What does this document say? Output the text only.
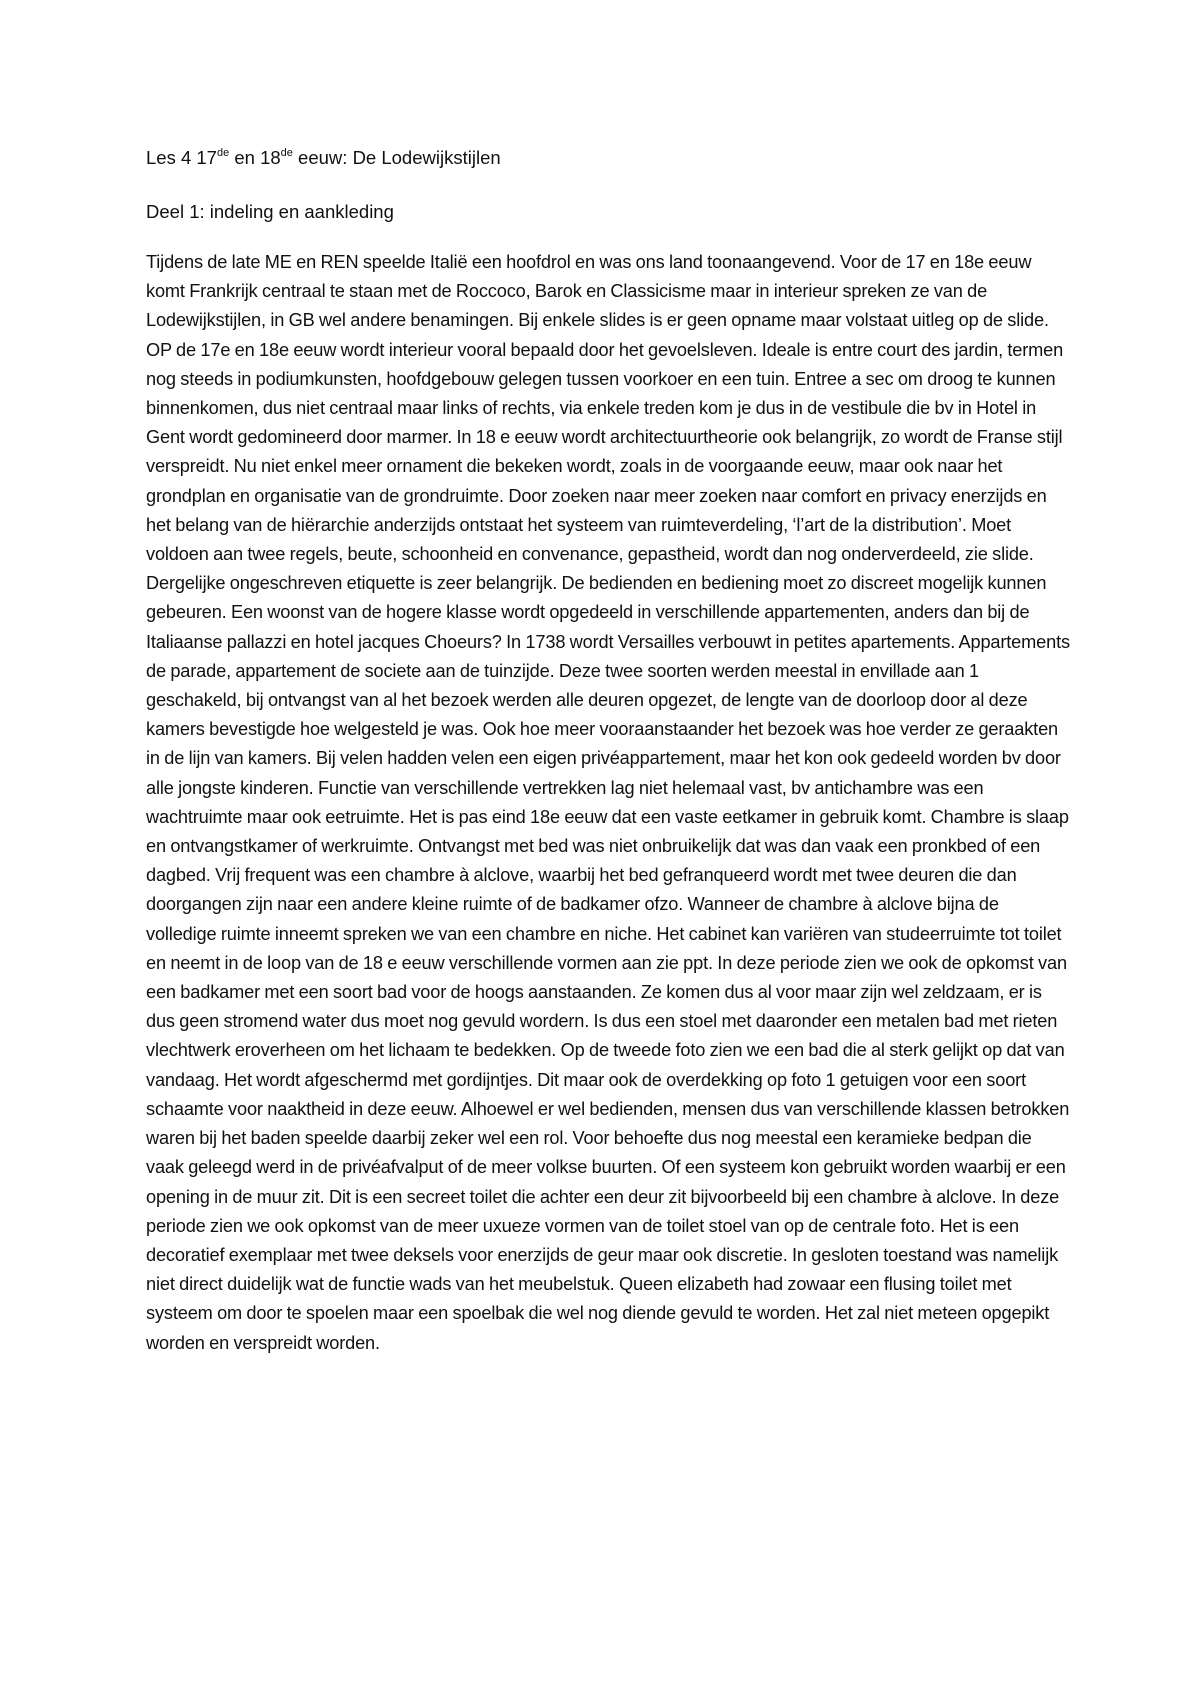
Les 4 17de en 18de eeuw: De Lodewijkstijlen
Deel 1: indeling en aankleding

Tijdens de late ME en REN speelde Italië een hoofdrol en was ons land toonaangevend. Voor de 17 en 18e eeuw komt Frankrijk centraal te staan met de Roccoco, Barok en Classicisme maar in interieur spreken ze van de Lodewijkstijlen, in GB wel andere benamingen. Bij enkele slides is er geen opname maar volstaat uitleg op de slide. OP de 17e en 18e eeuw wordt interieur vooral bepaald door het gevoelsleven. Ideale is entre court des jardin, termen nog steeds in podiumkunsten, hoofdgebouw gelegen tussen voorkoer en een tuin. Entree a sec om droog te kunnen binnenkomen, dus niet centraal maar links of rechts, via enkele treden kom je dus in de vestibule die bv in Hotel in Gent wordt gedomineerd door marmer. In 18 e eeuw wordt architectuurtheorie ook belangrijk, zo wordt de Franse stijl verspreidt. Nu niet enkel meer ornament die bekeken wordt, zoals in de voorgaande eeuw, maar ook naar het grondplan en organisatie van de grondruimte. Door zoeken naar meer zoeken naar comfort en privacy enerzijds en het belang van de hiërarchie anderzijds ontstaat het systeem van ruimteverdeling, ‘l’art de la distribution’. Moet voldoen aan twee regels, beute, schoonheid en convenance, gepastheid, wordt dan nog onderverdeeld, zie slide. Dergelijke ongeschreven etiquette is zeer belangrijk. De bedienden en bediening moet zo discreet mogelijk kunnen gebeuren. Een woonst van de hogere klasse wordt opgedeeld in verschillende appartementen, anders dan bij de Italiaanse pallazzi en hotel jacques Choeurs? In 1738 wordt Versailles verbouwt in petites apartements. Appartements de parade, appartement de societe aan de tuinzijde. Deze twee soorten werden meestal in envillade aan 1 geschakeld, bij ontvangst van al het bezoek werden alle deuren opgezet, de lengte van de doorloop door al deze kamers bevestigde hoe welgesteld je was. Ook hoe meer vooraanstaander het bezoek was hoe verder ze geraakten in de lijn van kamers. Bij velen hadden velen een eigen privéappartement, maar het kon ook gedeeld worden bv door alle jongste kinderen. Functie van verschillende vertrekken lag niet helemaal vast, bv antichambre was een wachtruimte maar ook eetruimte. Het is pas eind 18e eeuw dat een vaste eetkamer in gebruik komt. Chambre is slaap en ontvangstkamer of werkruimte. Ontvangst met bed was niet onbruikelijk dat was dan vaak een pronkbed of een dagbed. Vrij frequent was een chambre à alclove, waarbij het bed gefranqueerd wordt met twee deuren die dan doorgangen zijn naar een andere kleine ruimte of de badkamer ofzo. Wanneer de chambre à alclove bijna de volledige ruimte inneemt spreken we van een chambre en niche. Het cabinet kan variëren van studeerruimte tot toilet en neemt in de loop van de 18 e eeuw verschillende vormen aan zie ppt. In deze periode zien we ook de opkomst van een badkamer met een soort bad voor de hoogs aanstaanden. Ze komen dus al voor maar zijn wel zeldzaam, er is dus geen stromend water dus moet nog gevuld wordern. Is dus een stoel met daaronder een metalen bad met rieten vlechtwerk eroverheen om het lichaam te bedekken. Op de tweede foto zien we een bad die al sterk gelijkt op dat van vandaag. Het wordt afgeschermd met gordijntjes. Dit maar ook de overdekking op foto 1 getuigen voor een soort schaamte voor naaktheid in deze eeuw. Alhoewel er wel bedienden, mensen dus van verschillende klassen betrokken waren bij het baden speelde daarbij zeker wel een rol. Voor behoefte dus nog meestal een keramieke bedpan die vaak geleegd werd in de privéafvalput of de meer volkse buurten. Of een systeem kon gebruikt worden waarbij er een opening in de muur zit. Dit is een secreet toilet die achter een deur zit bijvoorbeeld bij een chambre à alclove. In deze periode zien we ook opkomst van de meer uxueze vormen van de toilet stoel van op de centrale foto. Het is een decoratief exemplaar met twee deksels voor enerzijds de geur maar ook discretie. In gesloten toestand was namelijk niet direct duidelijk wat de functie wads van het meubelstuk. Queen elizabeth had zowaar een flusing toilet met systeem om door te spoelen maar een spoelbak die wel nog diende gevuld te worden. Het zal niet meteen opgepikt worden en verspreidt worden.
